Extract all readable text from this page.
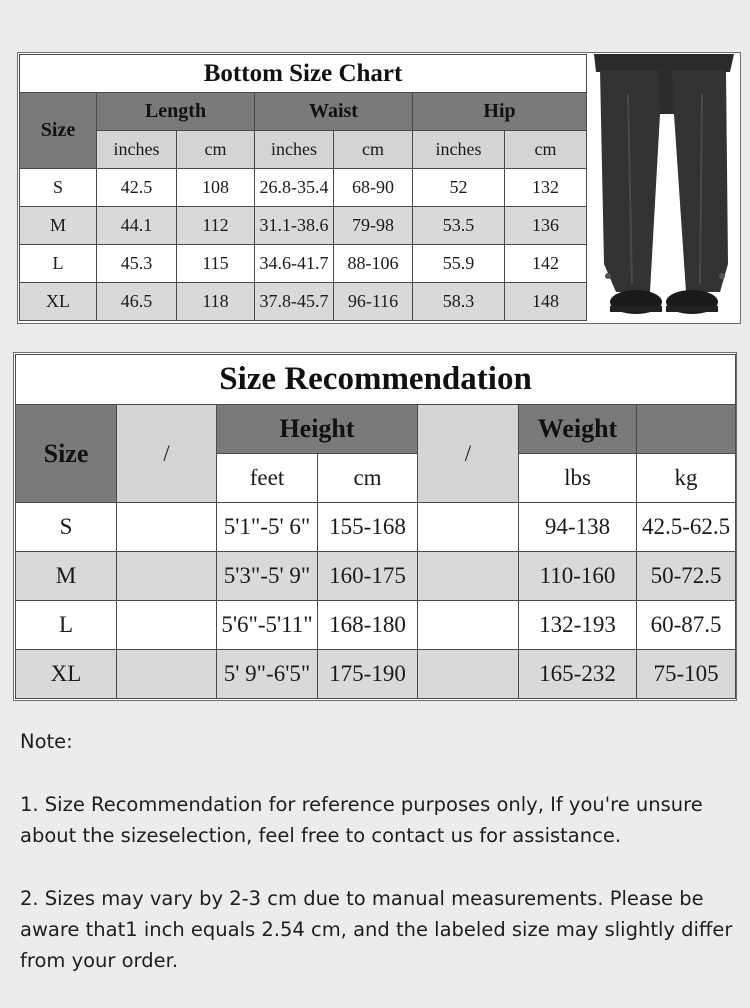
Bottom Size Chart						
Size	Length		Waist		Hip	
	inches	cm	inches	cm	inches	cm
S	42.5	108	26.8-35.4	68-90	52	132
M	44.1	112	31.1-38.6	79-98	53.5	136
L	45.3	115	34.6-41.7	88-106	55.9	142
XL	46.5	118	37.8-45.7	96-116	58.3	148
Size Recommendation						
Size	/	Height		/	Weight	
		feet	cm		lbs	kg
S		5'1"-5' 6"	155-168		94-138	42.5-62.5
M		5'3"-5' 9"	160-175		110-160	50-72.5
L		5'6"-5'11"	168-180		132-193	60-87.5
XL		5' 9"-6'5"	175-190		165-232	75-105

Note:

1. Size Recommendation for reference purposes only, If you're unsure about the sizeselection, feel free to contact us for assistance.

2. Sizes may vary by 2-3 cm due to manual measurements. Please be aware that1 inch equals 2.54 cm, and the labeled size may slightly differ from your order.
